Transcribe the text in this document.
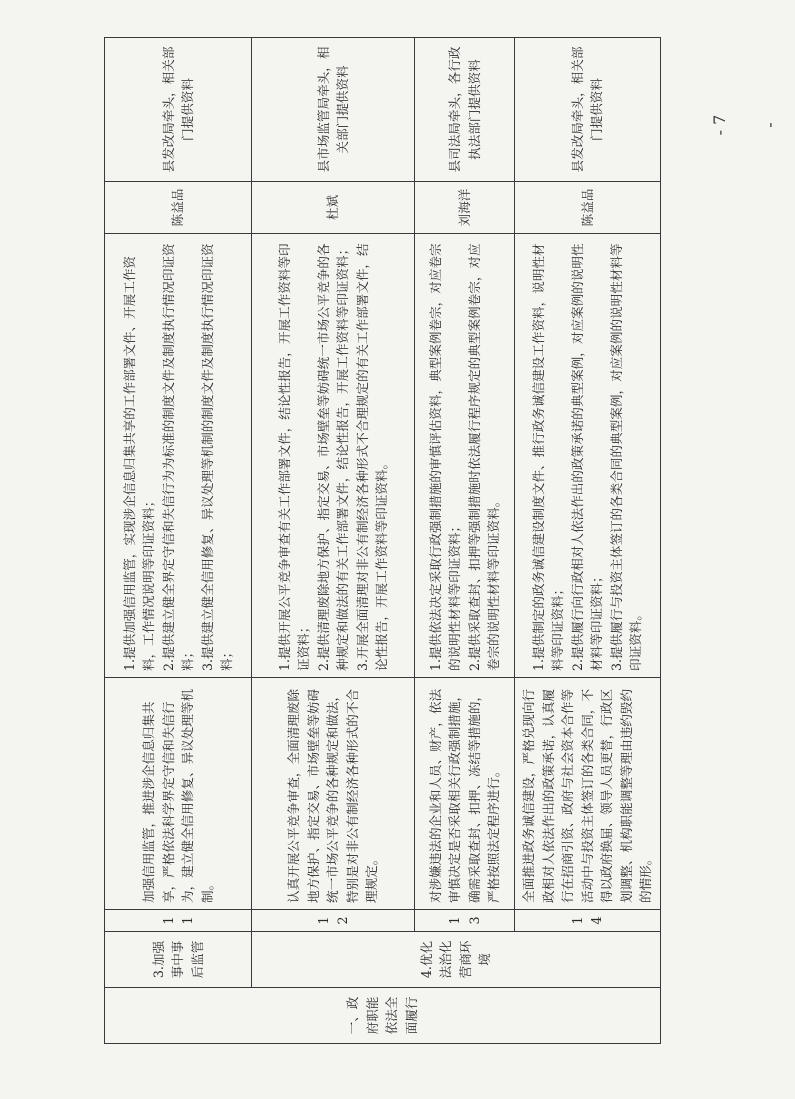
一、政府职能依法全面履行	3.加强事中事后监管	11	加强信用监管，推进涉企信息归集共享，严格依法科学界定守信和失信行为，建立健全信用修复、异议处理等机制。	1.提供加强信用监管，实现涉企信息归集共享的工作部署文件、开展工作资料，工作情况说明等印证资料； 2.提供建立健全界定守信和失信行为为标准的制度文件及制度执行情况印证资料； 3.提供建立健全信用修复、异议处理等机制的制度文件及制度执行情况印证资料；	陈益品	县发改局牵头，相关部门提供资料
	4.优化法治化营商环境	12	认真开展公平竞争审查，全面清理废除地方保护、指定交易、市场壁垒等妨碍统一市场公平竞争的各种规定和做法，特别是对非公有制经济各种形式的不合理规定。	1.提供开展公平竞争审查有关工作部署文件，结论性报告，开展工作资料等印证资料； 2.提供清理废除地方保护、指定交易、市场壁垒等妨碍统一市场公平竞争的各种规定和做法的有关工作部署文件，结论性报告，开展工作资料等印证资料； 3.开展全面清理对非公有制经济各种形式不合理规定的有关工作部署文件，结论性报告，开展工作资料等印证资料。	杜斌	县市场监管局牵头，相关部门提供资料
		13	对涉嫌违法的企业和人员、财产，依法审慎决定是否采取相关行政强制措施，确需采取查封、扣押、冻结等措施的，严格按照法定程序进行。	1.提供依法决定采取行政强制措施的审慎评估资料，典型案例卷宗，对应卷宗的说明性材料等印证资料； 2.提供采取查封、扣押等强制措施时依法履行程序规定的典型案例卷宗，对应卷宗的说明性材料等印证资料。	刘海洋	县司法局牵头，各行政执法部门提供资料
		14	全面推进政务诚信建设，严格兑现向行政相对人依法作出的政策承诺，认真履行在招商引资、政府与社会资本合作等活动中与投资主体签订的各类合同，不得以政府换届、领导人员更替，行政区划调整、机构职能调整等理由违约毁约的情形。	1.提供制定的政务诚信建设制度文件、推行政务诚信建设工作资料，说明性材料等印证资料； 2.提供履行向行政相对人依法作出的政策承诺的典型案例，对应案例的说明性材料等印证资料； 3.提供履行与投资主体签订的各类合同的典型案例，对应案例的说明性材料等印证资料。	陈益品	县发改局牵头，相关部门提供资料	- 7 -
